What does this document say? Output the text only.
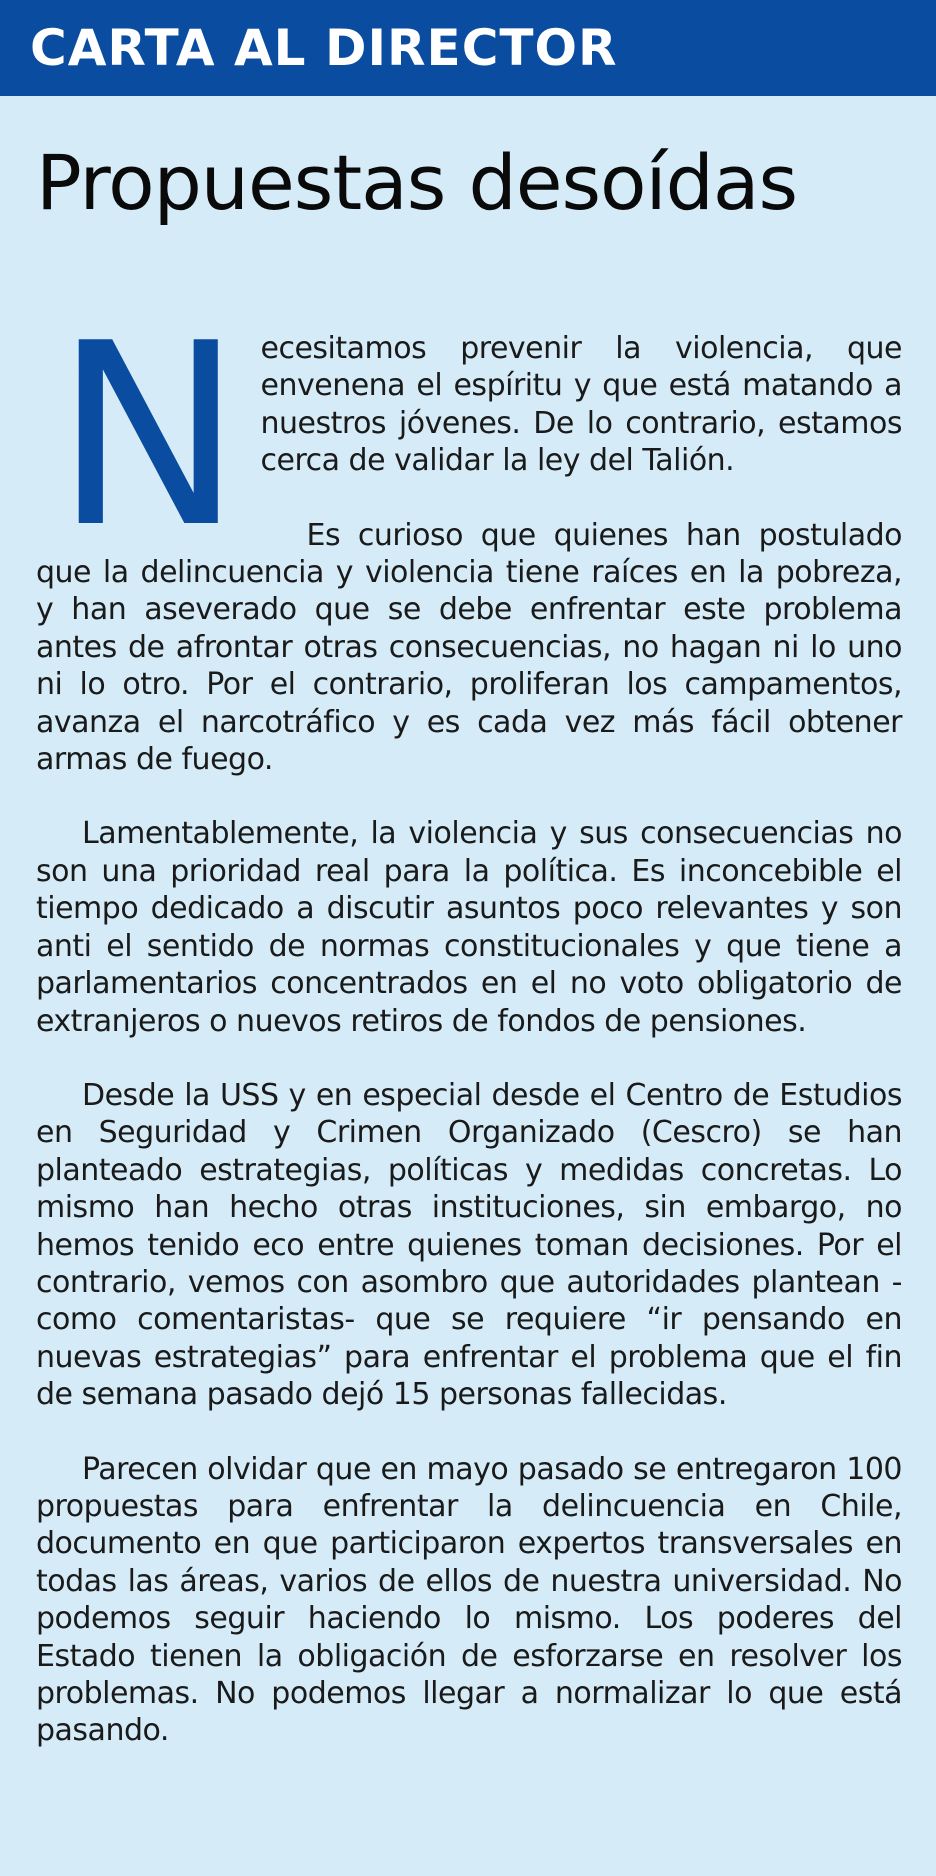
CARTA AL DIRECTOR
Propuestas desoídas

Necesitamos prevenir la violencia, que envenena el espíritu y que está matando a nuestros jóvenes. De lo contrario, estamos cerca de validar la ley del Talión.

Es curioso que quienes han postulado que la delincuencia y violencia tiene raíces en la pobreza, y han aseverado que se debe enfrentar este problema antes de afrontar otras consecuencias, no hagan ni lo uno ni lo otro. Por el contrario, proliferan los campamentos, avanza el narcotráfico y es cada vez más fácil obtener armas de fuego.

Lamentablemente, la violencia y sus consecuencias no son una prioridad real para la política. Es inconcebible el tiempo dedicado a discutir asuntos poco relevantes y son anti el sentido de normas constitucionales y que tiene a parlamentarios concentrados en el no voto obligatorio de extranjeros o nuevos retiros de fondos de pensiones.

Desde la USS y en especial desde el Centro de Estudios en Seguridad y Crimen Organizado (Cescro) se han planteado estrategias, políticas y medidas concretas. Lo mismo han hecho otras instituciones, sin embargo, no hemos tenido eco entre quienes toman decisiones. Por el contrario, vemos con asombro que autoridades plantean -como comentaristas- que se requiere “ir pensando en nuevas estrategias” para enfrentar el problema que el fin de semana pasado dejó 15 personas fallecidas.

Parecen olvidar que en mayo pasado se entregaron 100 propuestas para enfrentar la delincuencia en Chile, documento en que participaron expertos transversales en todas las áreas, varios de ellos de nuestra universidad. No podemos seguir haciendo lo mismo. Los poderes del Estado tienen la obligación de esforzarse en resolver los problemas. No podemos llegar a normalizar lo que está pasando.
